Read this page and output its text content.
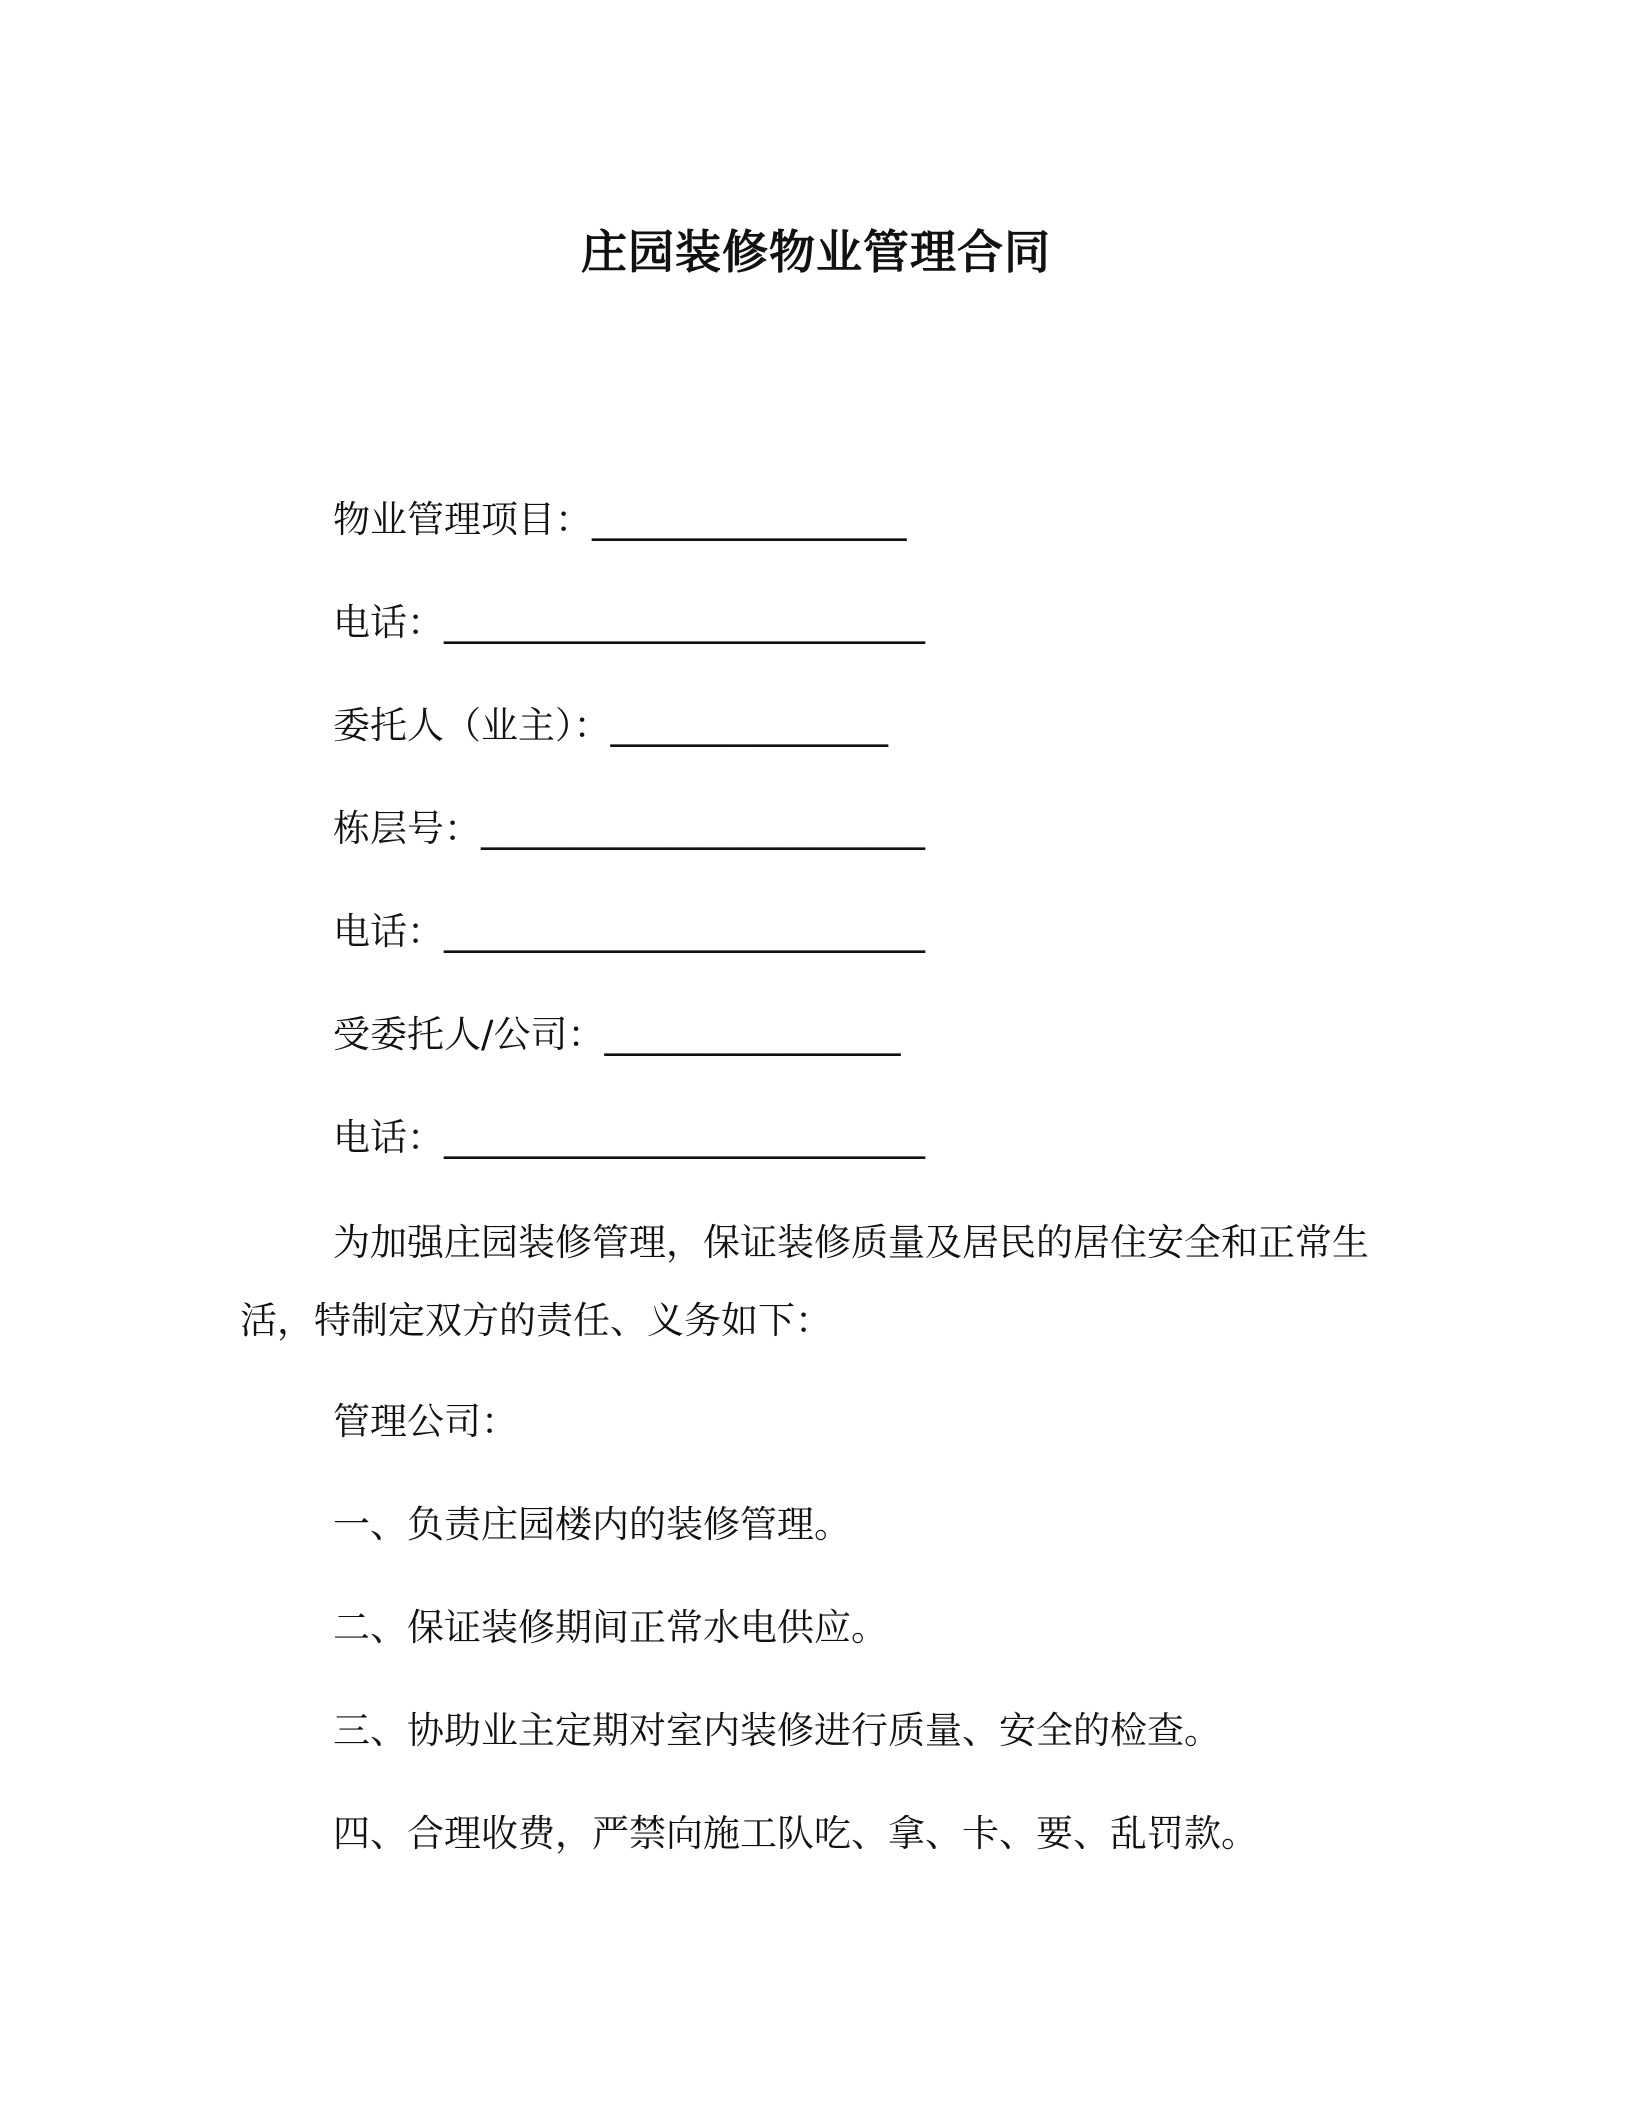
庄园装修物业管理合同
物业管理项目：_________________
电话：__________________________
委托人（业主）：_______________
栋层号：________________________
电话：__________________________
受委托人/公司：________________
电话：__________________________
为加强庄园装修管理，保证装修质量及居民的居住安全和正常生活，特制定双方的责任、义务如下：
管理公司：
一、负责庄园楼内的装修管理。
二、保证装修期间正常水电供应。
三、协助业主定期对室内装修进行质量、安全的检查。
四、合理收费，严禁向施工队吃、拿、卡、要、乱罚款。
